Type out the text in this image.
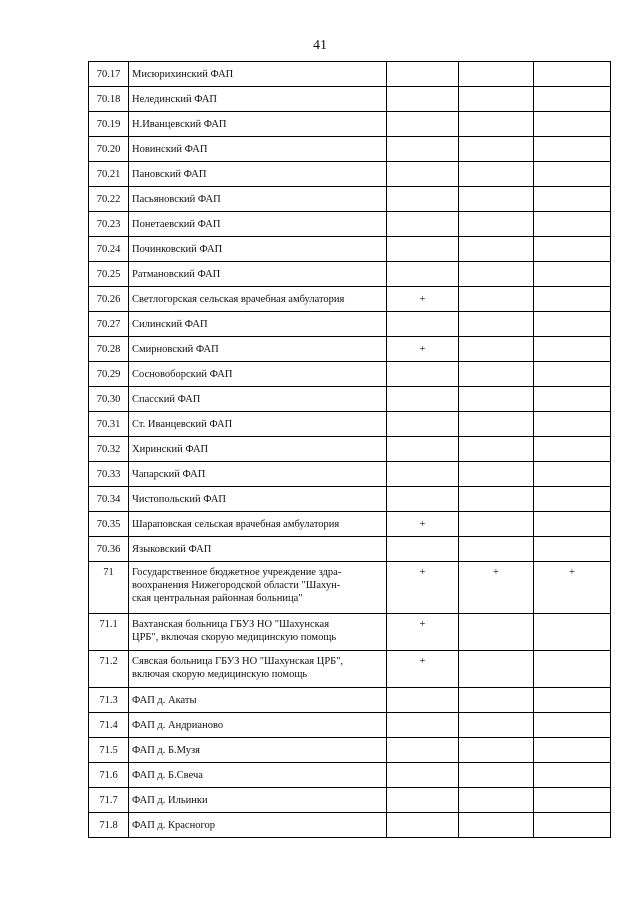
41
70.17	Мисюрихинский ФАП			
70.18	Нелединский ФАП			
70.19	Н.Иванцевский ФАП			
70.20	Новинский ФАП			
70.21	Пановский ФАП			
70.22	Пасьяновский ФАП			
70.23	Понетаевский ФАП			
70.24	Починковский ФАП			
70.25	Ратмановский ФАП			
70.26	Светлогорская сельская врачебная амбулатория	+		
70.27	Силинский ФАП			
70.28	Смирновский ФАП	+		
70.29	Сосновоборский ФАП			
70.30	Спасский ФАП			
70.31	Ст. Иванцевский ФАП			
70.32	Хиринский ФАП			
70.33	Чапарский ФАП			
70.34	Чистопольский ФАП			
70.35	Шараповская сельская врачебная амбулатория	+		
70.36	Языковский ФАП			
71	Государственное бюджетное учреждение здра-
воохранения Нижегородской области "Шахун-
ская центральная районная больница"	+	+	+
71.1	Вахтанская больница ГБУЗ НО "Шахунская
ЦРБ", включая скорую медицинскую помощь	+		
71.2	Сявская больница ГБУЗ НО "Шахунская ЦРБ",
включая скорую медицинскую помощь	+		
71.3	ФАП д. Акаты			
71.4	ФАП д. Андрианово			
71.5	ФАП д. Б.Музя			
71.6	ФАП д. Б.Свеча			
71.7	ФАП д. Ильинки			
71.8	ФАП д. Красногор			
